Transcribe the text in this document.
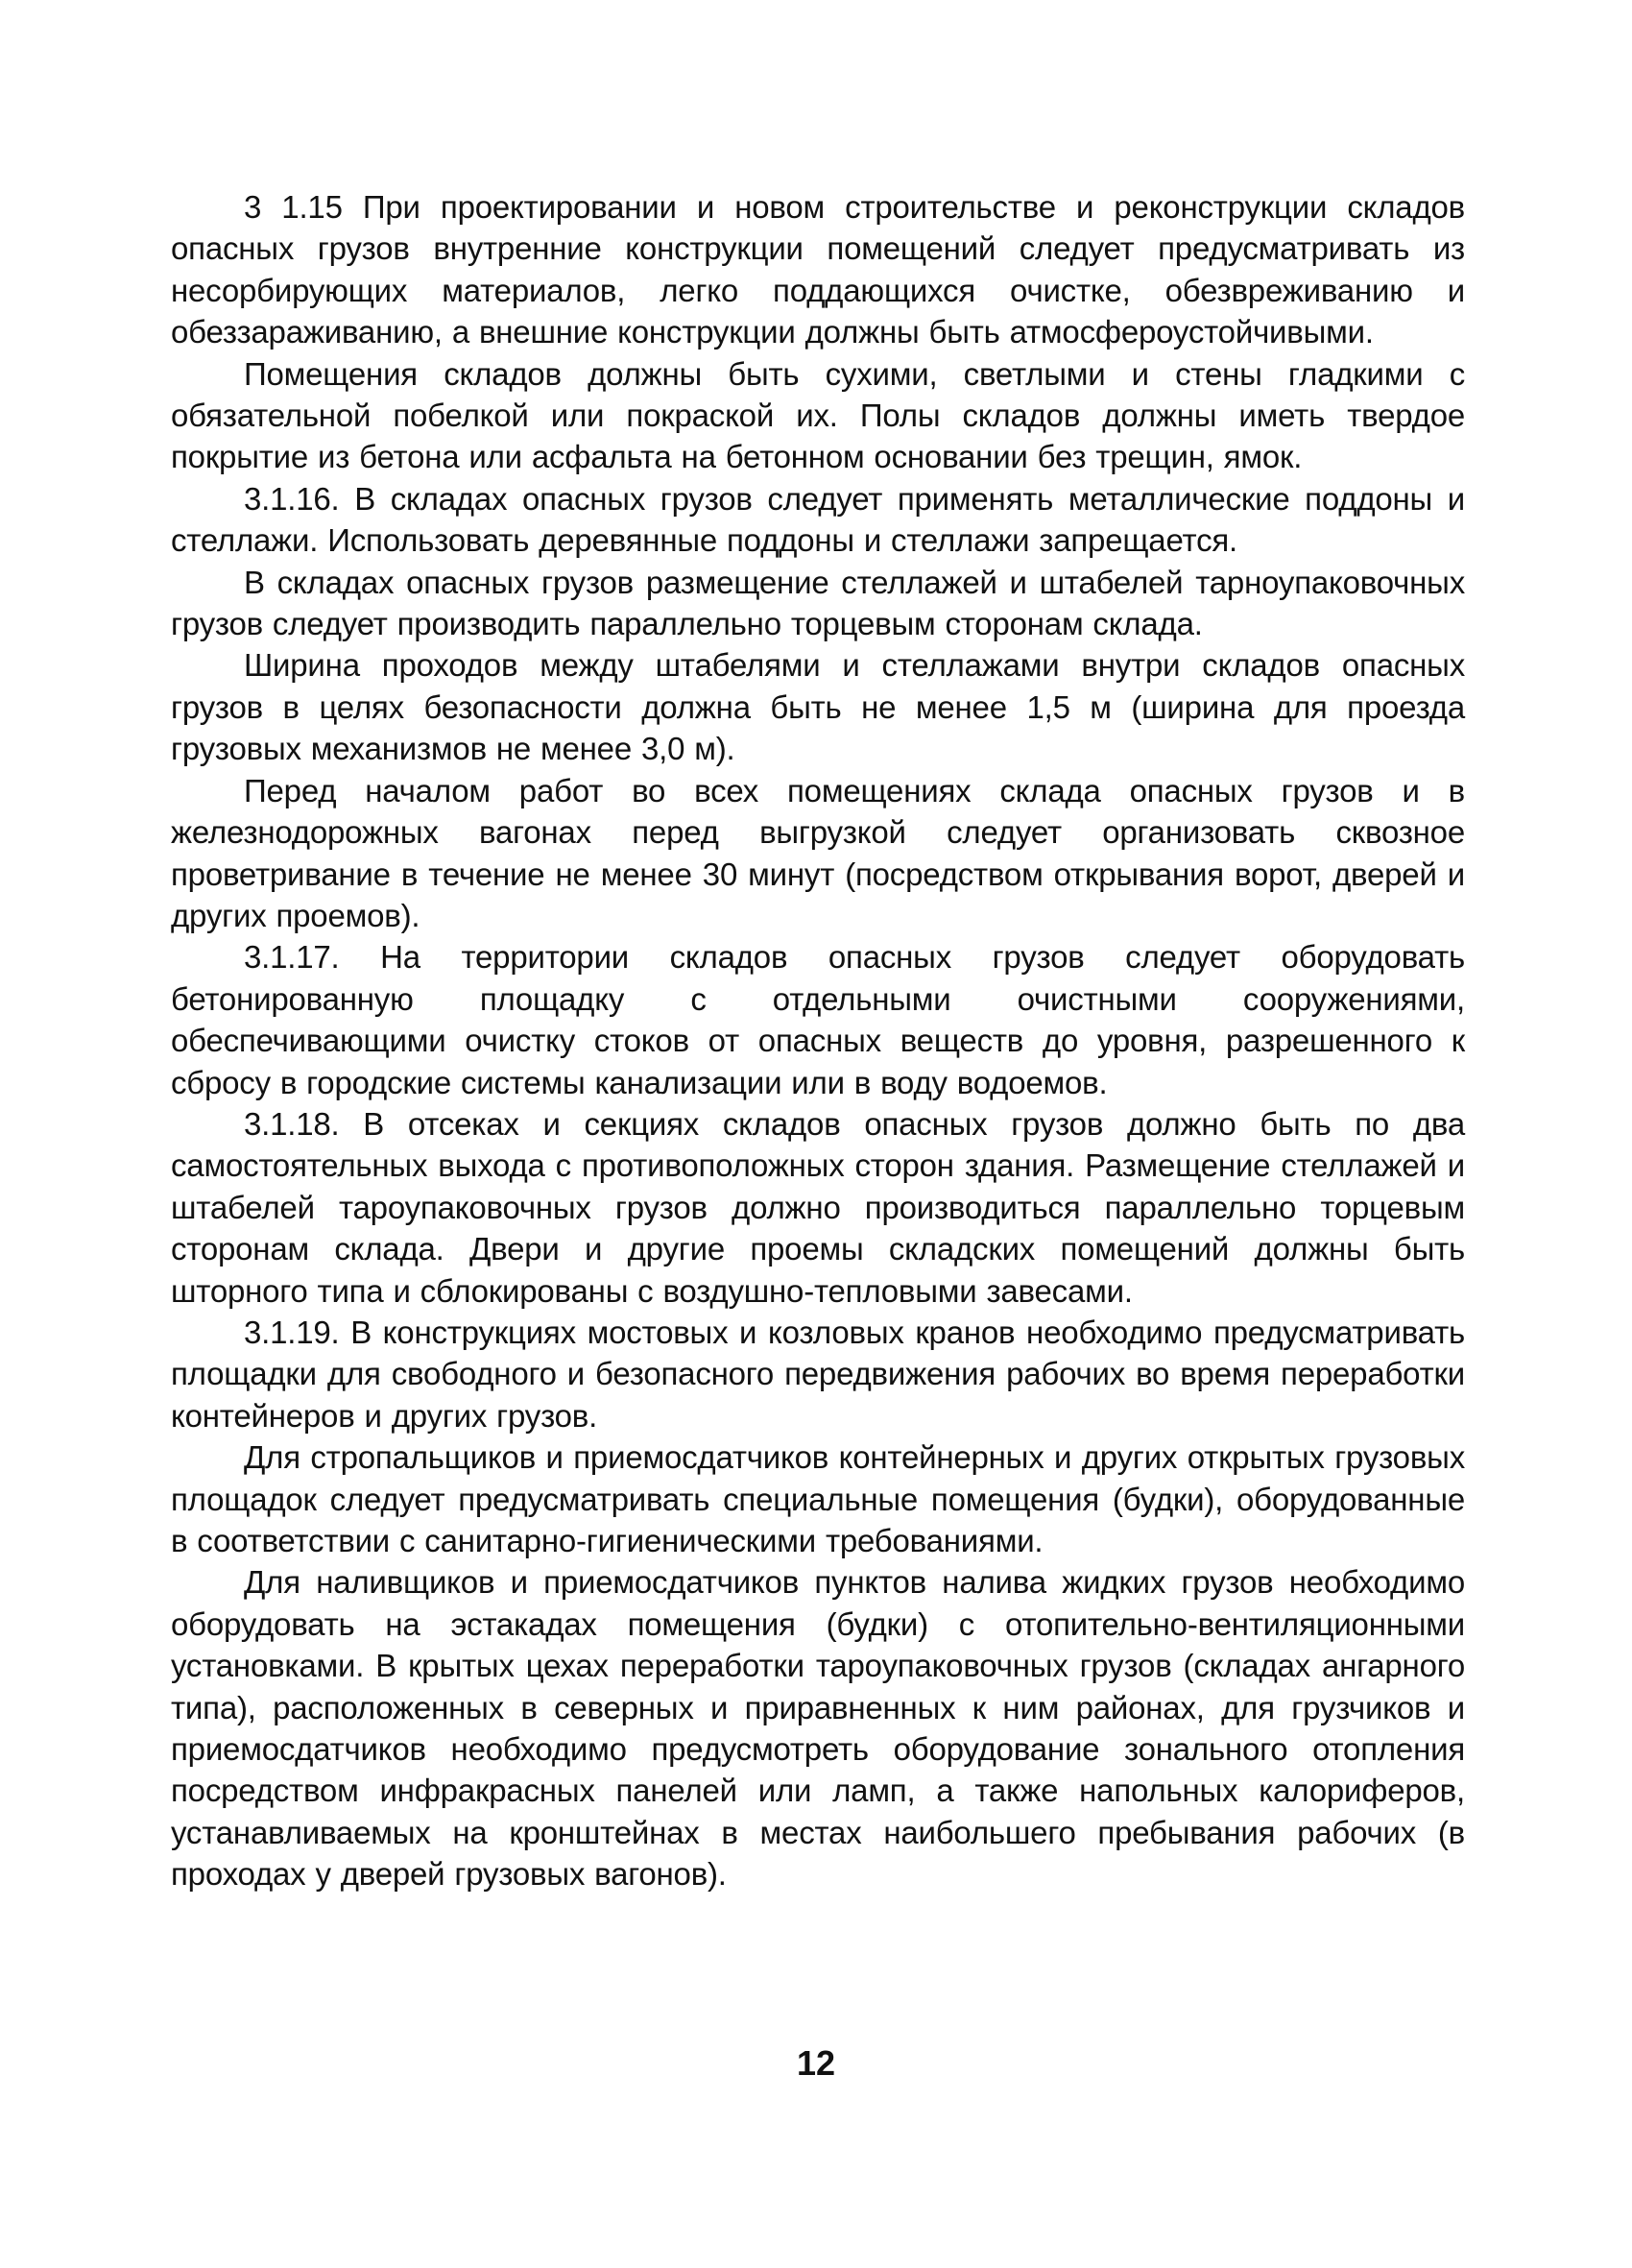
3 1.15 При проектировании и новом строительстве и реконструкции складов опасных грузов внутренние конструкции помещений следует предусматривать из несорбирующих материалов, легко поддающихся очистке, обезвреживанию и обеззараживанию, а внешние конструкции должны быть атмосфероустойчивыми.

Помещения складов должны быть сухими, светлыми и стены гладкими с обязательной побелкой или покраской их. Полы складов должны иметь твердое покрытие из бетона или асфальта на бетонном основании без трещин, ямок.

3.1.16. В складах опасных грузов следует применять металлические поддоны и стеллажи. Использовать деревянные поддоны и стеллажи запрещается.

В складах опасных грузов размещение стеллажей и штабелей тарноупаковочных грузов следует производить параллельно торцевым сторонам склада.

Ширина проходов между штабелями и стеллажами внутри складов опасных грузов в целях безопасности должна быть не менее 1,5 м (ширина для проезда грузовых механизмов не менее 3,0 м).

Перед началом работ во всех помещениях склада опасных грузов и в железнодорожных вагонах перед выгрузкой следует организовать сквозное проветривание в течение не менее 30 минут (посредством открывания ворот, дверей и других проемов).

3.1.17. На территории складов опасных грузов следует оборудовать бетонированную площадку с отдельными очистными сооружениями, обеспечивающими очистку стоков от опасных веществ до уровня, разрешенного к сбросу в городские системы канализации или в воду водоемов.

3.1.18. В отсеках и секциях складов опасных грузов должно быть по два самостоятельных выхода с противоположных сторон здания. Размещение стеллажей и штабелей тароупаковочных грузов должно производиться параллельно торцевым сторонам склада. Двери и другие проемы складских помещений должны быть шторного типа и сблокированы с воздушно-тепловыми завесами.

3.1.19. В конструкциях мостовых и козловых кранов необходимо предусматривать площадки для свободного и безопасного передвижения рабочих во время переработки контейнеров и других грузов.

Для стропальщиков и приемосдатчиков контейнерных и других открытых грузовых площадок следует предусматривать специальные помещения (будки), оборудованные в соответствии с санитарно-гигиеническими требованиями.

Для наливщиков и приемосдатчиков пунктов налива жидких грузов необходимо оборудовать на эстакадах помещения (будки) с отопительно-вентиляционными установками. В крытых цехах переработки тароупаковочных грузов (складах ангарного типа), расположенных в северных и приравненных к ним районах, для грузчиков и приемосдатчиков необходимо предусмотреть оборудование зонального отопления посредством инфракрасных панелей или ламп, а также напольных калориферов, устанавливаемых на кронштейнах в местах наибольшего пребывания рабочих (в проходах у дверей грузовых вагонов).

12
